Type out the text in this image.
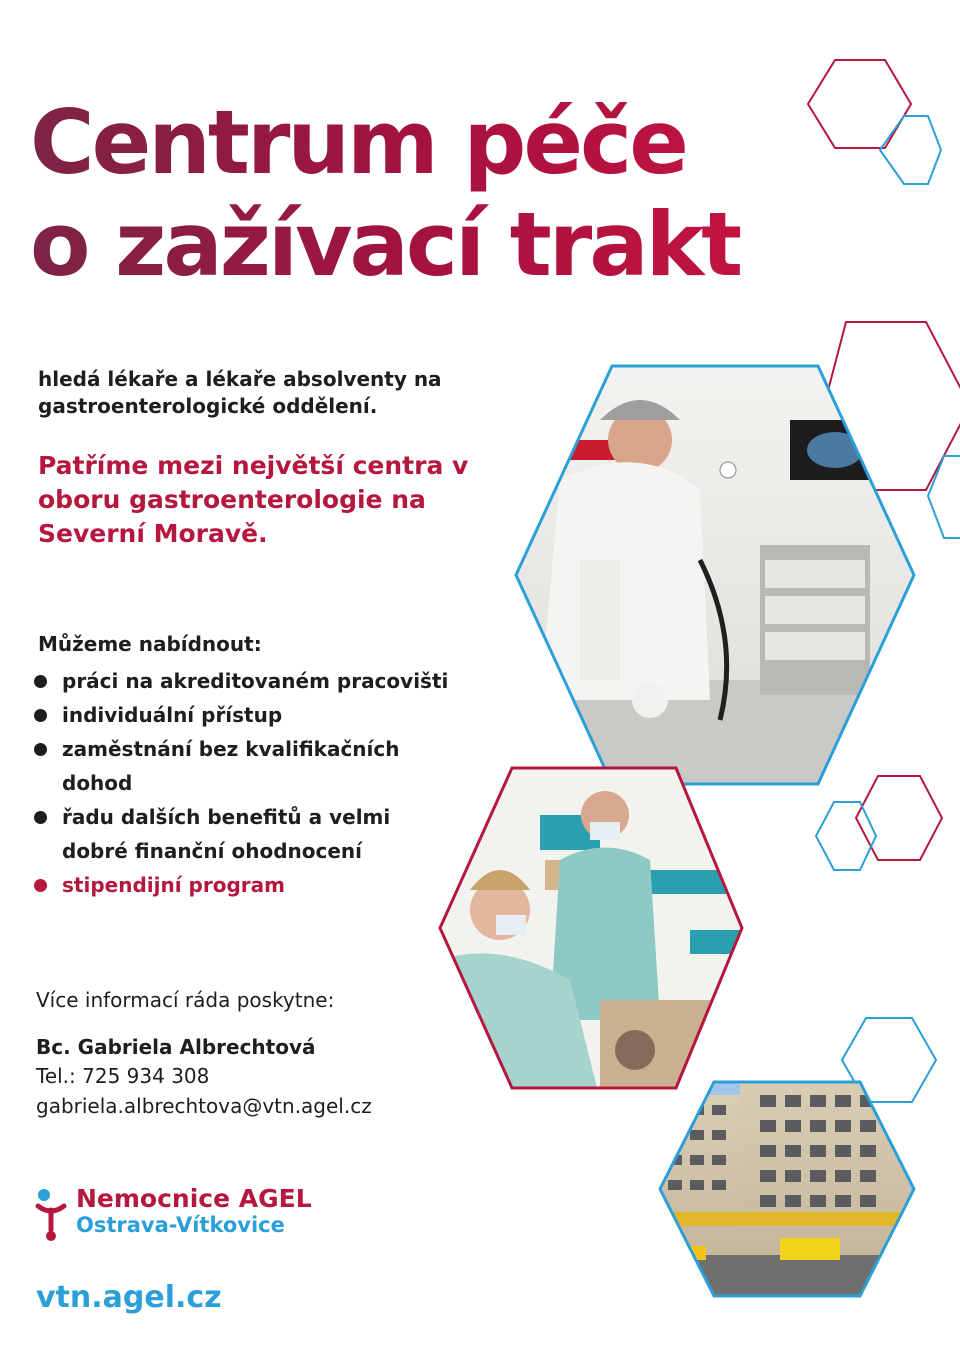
Centrum péče
o zažívací trakt
hledá lékaře a lékaře absolventy na gastroenterologické oddělení.
Patříme mezi největší centra v oboru gastroenterologie na Severní Moravě.
Můžeme nabídnout:
práci na akreditovaném pracovišti
individuální přístup
zaměstnání bez kvalifikačních dohod
řadu dalších benefitů a velmi dobré finanční ohodnocení
stipendijní program
Více informací ráda poskytne:
Bc. Gabriela Albrechtová
Tel.: 725 934 308
gabriela.albrechtova@vtn.agel.cz
Nemocnice AGEL
Ostrava-Vítkovice
vtn.agel.cz
